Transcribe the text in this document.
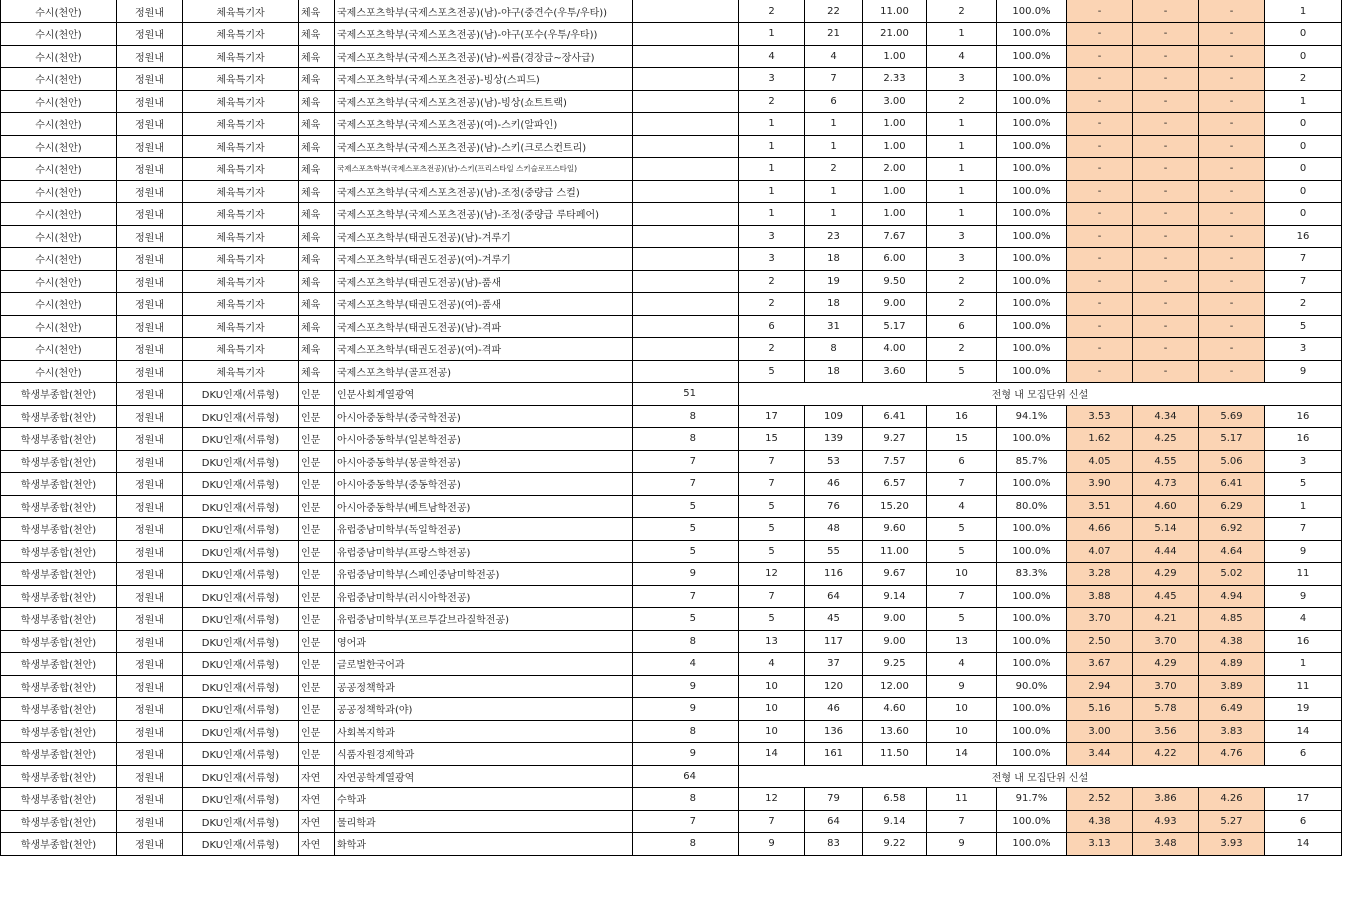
수시(천안)	정원내	체육특기자	체육	국제스포츠학부(국제스포츠전공)(남)-야구(중견수(우투/우타))		2	22	11.00	2	100.0%	-	-	-	1
수시(천안)	정원내	체육특기자	체육	국제스포츠학부(국제스포츠전공)(남)-야구(포수(우투/우타))		1	21	21.00	1	100.0%	-	-	-	0
수시(천안)	정원내	체육특기자	체육	국제스포츠학부(국제스포츠전공)(남)-씨름(경장급~장사급)		4	4	1.00	4	100.0%	-	-	-	0
수시(천안)	정원내	체육특기자	체육	국제스포츠학부(국제스포츠전공)-빙상(스피드)		3	7	2.33	3	100.0%	-	-	-	2
수시(천안)	정원내	체육특기자	체육	국제스포츠학부(국제스포츠전공)(남)-빙상(쇼트트랙)		2	6	3.00	2	100.0%	-	-	-	1
수시(천안)	정원내	체육특기자	체육	국제스포츠학부(국제스포츠전공)(여)-스키(알파인)		1	1	1.00	1	100.0%	-	-	-	0
수시(천안)	정원내	체육특기자	체육	국제스포츠학부(국제스포츠전공)(남)-스키(크로스컨트리)		1	1	1.00	1	100.0%	-	-	-	0
수시(천안)	정원내	체육특기자	체육	국제스포츠학부(국제스포츠전공)(남)-스키(프리스타일 스키슬로프스타일)		1	2	2.00	1	100.0%	-	-	-	0
수시(천안)	정원내	체육특기자	체육	국제스포츠학부(국제스포츠전공)(남)-조정(중량급 스컬)		1	1	1.00	1	100.0%	-	-	-	0
수시(천안)	정원내	체육특기자	체육	국제스포츠학부(국제스포츠전공)(남)-조정(중량급 루타페어)		1	1	1.00	1	100.0%	-	-	-	0
수시(천안)	정원내	체육특기자	체육	국제스포츠학부(태권도전공)(남)-겨루기		3	23	7.67	3	100.0%	-	-	-	16
수시(천안)	정원내	체육특기자	체육	국제스포츠학부(태권도전공)(여)-겨루기		3	18	6.00	3	100.0%	-	-	-	7
수시(천안)	정원내	체육특기자	체육	국제스포츠학부(태권도전공)(남)-품새		2	19	9.50	2	100.0%	-	-	-	7
수시(천안)	정원내	체육특기자	체육	국제스포츠학부(태권도전공)(여)-품새		2	18	9.00	2	100.0%	-	-	-	2
수시(천안)	정원내	체육특기자	체육	국제스포츠학부(태권도전공)(남)-격파		6	31	5.17	6	100.0%	-	-	-	5
수시(천안)	정원내	체육특기자	체육	국제스포츠학부(태권도전공)(여)-격파		2	8	4.00	2	100.0%	-	-	-	3
수시(천안)	정원내	체육특기자	체육	국제스포츠학부(골프전공)		5	18	3.60	5	100.0%	-	-	-	9
학생부종합(천안)	정원내	DKU인재(서류형)	인문	인문사회계열광역	51	전형 내 모집단위 신설								
학생부종합(천안)	정원내	DKU인재(서류형)	인문	아시아중동학부(중국학전공)	8	17	109	6.41	16	94.1%	3.53	4.34	5.69	16
학생부종합(천안)	정원내	DKU인재(서류형)	인문	아시아중동학부(일본학전공)	8	15	139	9.27	15	100.0%	1.62	4.25	5.17	16
학생부종합(천안)	정원내	DKU인재(서류형)	인문	아시아중동학부(몽골학전공)	7	7	53	7.57	6	85.7%	4.05	4.55	5.06	3
학생부종합(천안)	정원내	DKU인재(서류형)	인문	아시아중동학부(중동학전공)	7	7	46	6.57	7	100.0%	3.90	4.73	6.41	5
학생부종합(천안)	정원내	DKU인재(서류형)	인문	아시아중동학부(베트남학전공)	5	5	76	15.20	4	80.0%	3.51	4.60	6.29	1
학생부종합(천안)	정원내	DKU인재(서류형)	인문	유럽중남미학부(독일학전공)	5	5	48	9.60	5	100.0%	4.66	5.14	6.92	7
학생부종합(천안)	정원내	DKU인재(서류형)	인문	유럽중남미학부(프랑스학전공)	5	5	55	11.00	5	100.0%	4.07	4.44	4.64	9
학생부종합(천안)	정원내	DKU인재(서류형)	인문	유럽중남미학부(스페인중남미학전공)	9	12	116	9.67	10	83.3%	3.28	4.29	5.02	11
학생부종합(천안)	정원내	DKU인재(서류형)	인문	유럽중남미학부(러시아학전공)	7	7	64	9.14	7	100.0%	3.88	4.45	4.94	9
학생부종합(천안)	정원내	DKU인재(서류형)	인문	유럽중남미학부(포르투갈브라질학전공)	5	5	45	9.00	5	100.0%	3.70	4.21	4.85	4
학생부종합(천안)	정원내	DKU인재(서류형)	인문	영어과	8	13	117	9.00	13	100.0%	2.50	3.70	4.38	16
학생부종합(천안)	정원내	DKU인재(서류형)	인문	글로벌한국어과	4	4	37	9.25	4	100.0%	3.67	4.29	4.89	1
학생부종합(천안)	정원내	DKU인재(서류형)	인문	공공정책학과	9	10	120	12.00	9	90.0%	2.94	3.70	3.89	11
학생부종합(천안)	정원내	DKU인재(서류형)	인문	공공정책학과(야)	9	10	46	4.60	10	100.0%	5.16	5.78	6.49	19
학생부종합(천안)	정원내	DKU인재(서류형)	인문	사회복지학과	8	10	136	13.60	10	100.0%	3.00	3.56	3.83	14
학생부종합(천안)	정원내	DKU인재(서류형)	인문	식품자원경제학과	9	14	161	11.50	14	100.0%	3.44	4.22	4.76	6
학생부종합(천안)	정원내	DKU인재(서류형)	자연	자연공학계열광역	64	전형 내 모집단위 신설								
학생부종합(천안)	정원내	DKU인재(서류형)	자연	수학과	8	12	79	6.58	11	91.7%	2.52	3.86	4.26	17
학생부종합(천안)	정원내	DKU인재(서류형)	자연	물리학과	7	7	64	9.14	7	100.0%	4.38	4.93	5.27	6
학생부종합(천안)	정원내	DKU인재(서류형)	자연	화학과	8	9	83	9.22	9	100.0%	3.13	3.48	3.93	14
